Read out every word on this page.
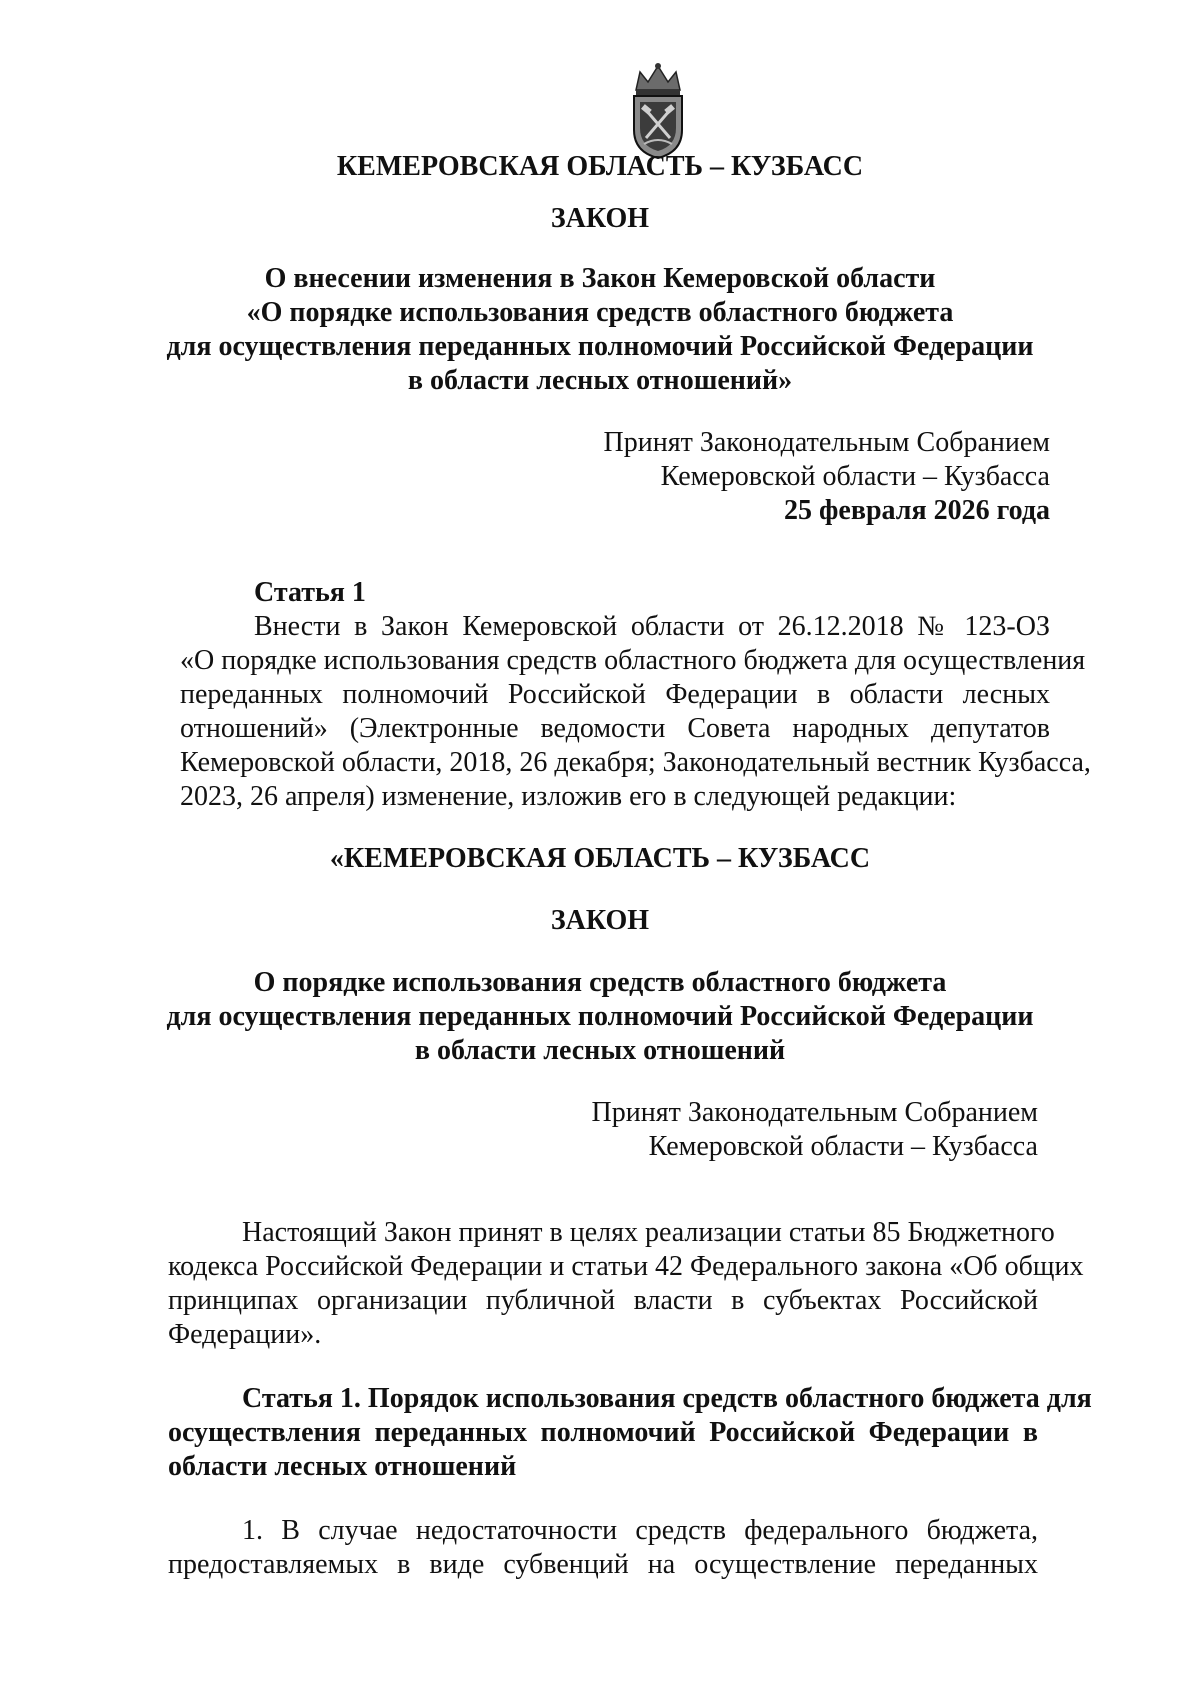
КЕМЕРОВСКАЯ ОБЛАСТЬ – КУЗБАСС
ЗАКОН
О внесении изменения в Закон Кемеровской области
«О порядке использования средств областного бюджета
для осуществления переданных полномочий Российской Федерации
в области лесных отношений»
Принят Законодательным Собранием
Кемеровской области – Кузбасса
25 февраля 2026 года
Статья 1
Внести в Закон Кемеровской области от 26.12.2018 № 123-ОЗ
«О порядке использования средств областного бюджета для осуществления
переданных полномочий Российской Федерации в области лесных
отношений» (Электронные ведомости Совета народных депутатов
Кемеровской области, 2018, 26 декабря; Законодательный вестник Кузбасса,
2023, 26 апреля) изменение, изложив его в следующей редакции:
«КЕМЕРОВСКАЯ ОБЛАСТЬ – КУЗБАСС
ЗАКОН
О порядке использования средств областного бюджета
для осуществления переданных полномочий Российской Федерации
в области лесных отношений
Принят Законодательным Собранием
Кемеровской области – Кузбасса
Настоящий Закон принят в целях реализации статьи 85 Бюджетного
кодекса Российской Федерации и статьи 42 Федерального закона «Об общих
принципах организации публичной власти в субъектах Российской
Федерации».
Статья 1. Порядок использования средств областного бюджета для
осуществления переданных полномочий Российской Федерации в
области лесных отношений
1. В случае недостаточности средств федерального бюджета,
предоставляемых в виде субвенций на осуществление переданных
